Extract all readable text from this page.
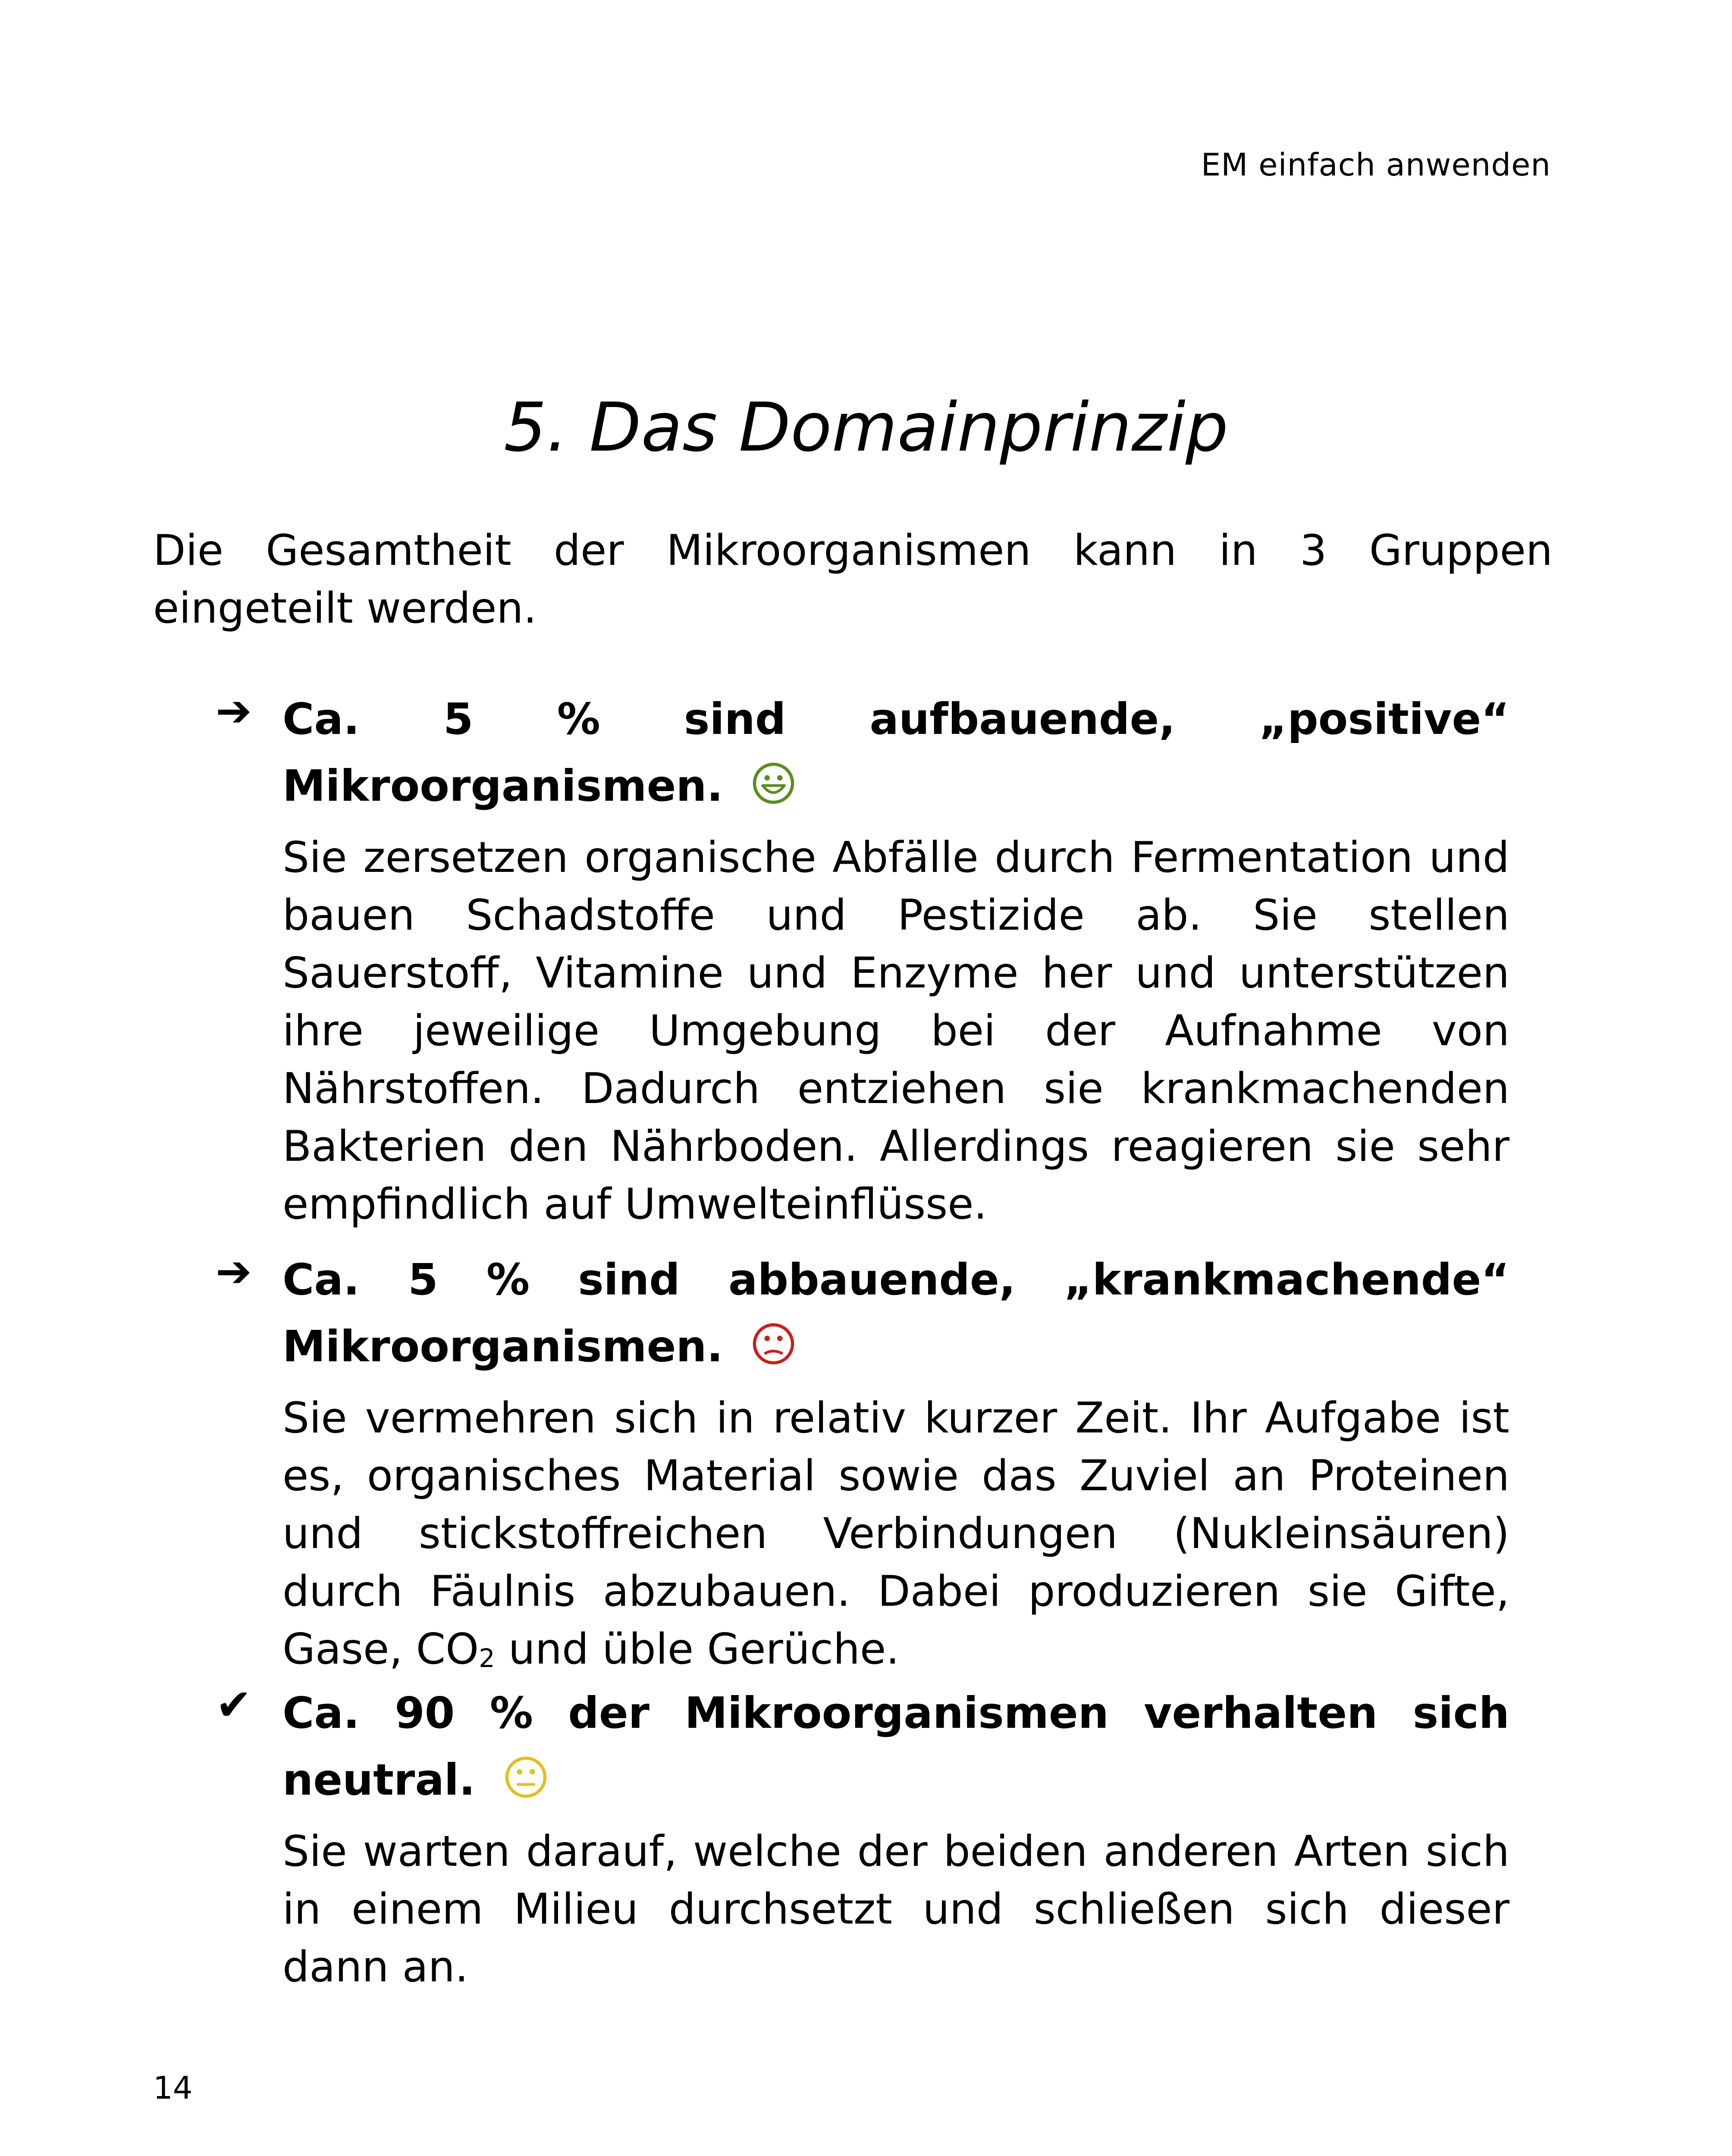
EM einfach anwenden
5. Das Domainprinzip

Die Gesamtheit der Mikroorganismen kann in 3 Gruppen eingeteilt werden.

➔ Ca. 5 % sind aufbauende, „positive“ Mikroorganismen.
Sie zersetzen organische Abfälle durch Fermentation und bauen Schadstoffe und Pestizide ab. Sie stellen Sauerstoff, Vitamine und Enzyme her und unterstützen ihre jeweilige Umgebung bei der Aufnahme von Nährstoffen. Dadurch entziehen sie krankmachenden Bakterien den Nährboden. Allerdings reagieren sie sehr empfindlich auf Umwelteinflüsse.
➔ Ca. 5 % sind abbauende, „krankmachende“ Mikroorganismen.
Sie vermehren sich in relativ kurzer Zeit. Ihr Aufgabe ist es, organisches Material sowie das Zuviel an Proteinen und stickstoffreichen Verbindungen (Nukleinsäuren) durch Fäulnis abzubauen. Dabei produzieren sie Gifte, Gase, $CO_2$ und üble Gerüche.
✔ Ca. 90 % der Mikroorganismen verhalten sich neutral.
Sie warten darauf, welche der beiden anderen Arten sich in einem Milieu durchsetzt und schließen sich dieser dann an.
14
